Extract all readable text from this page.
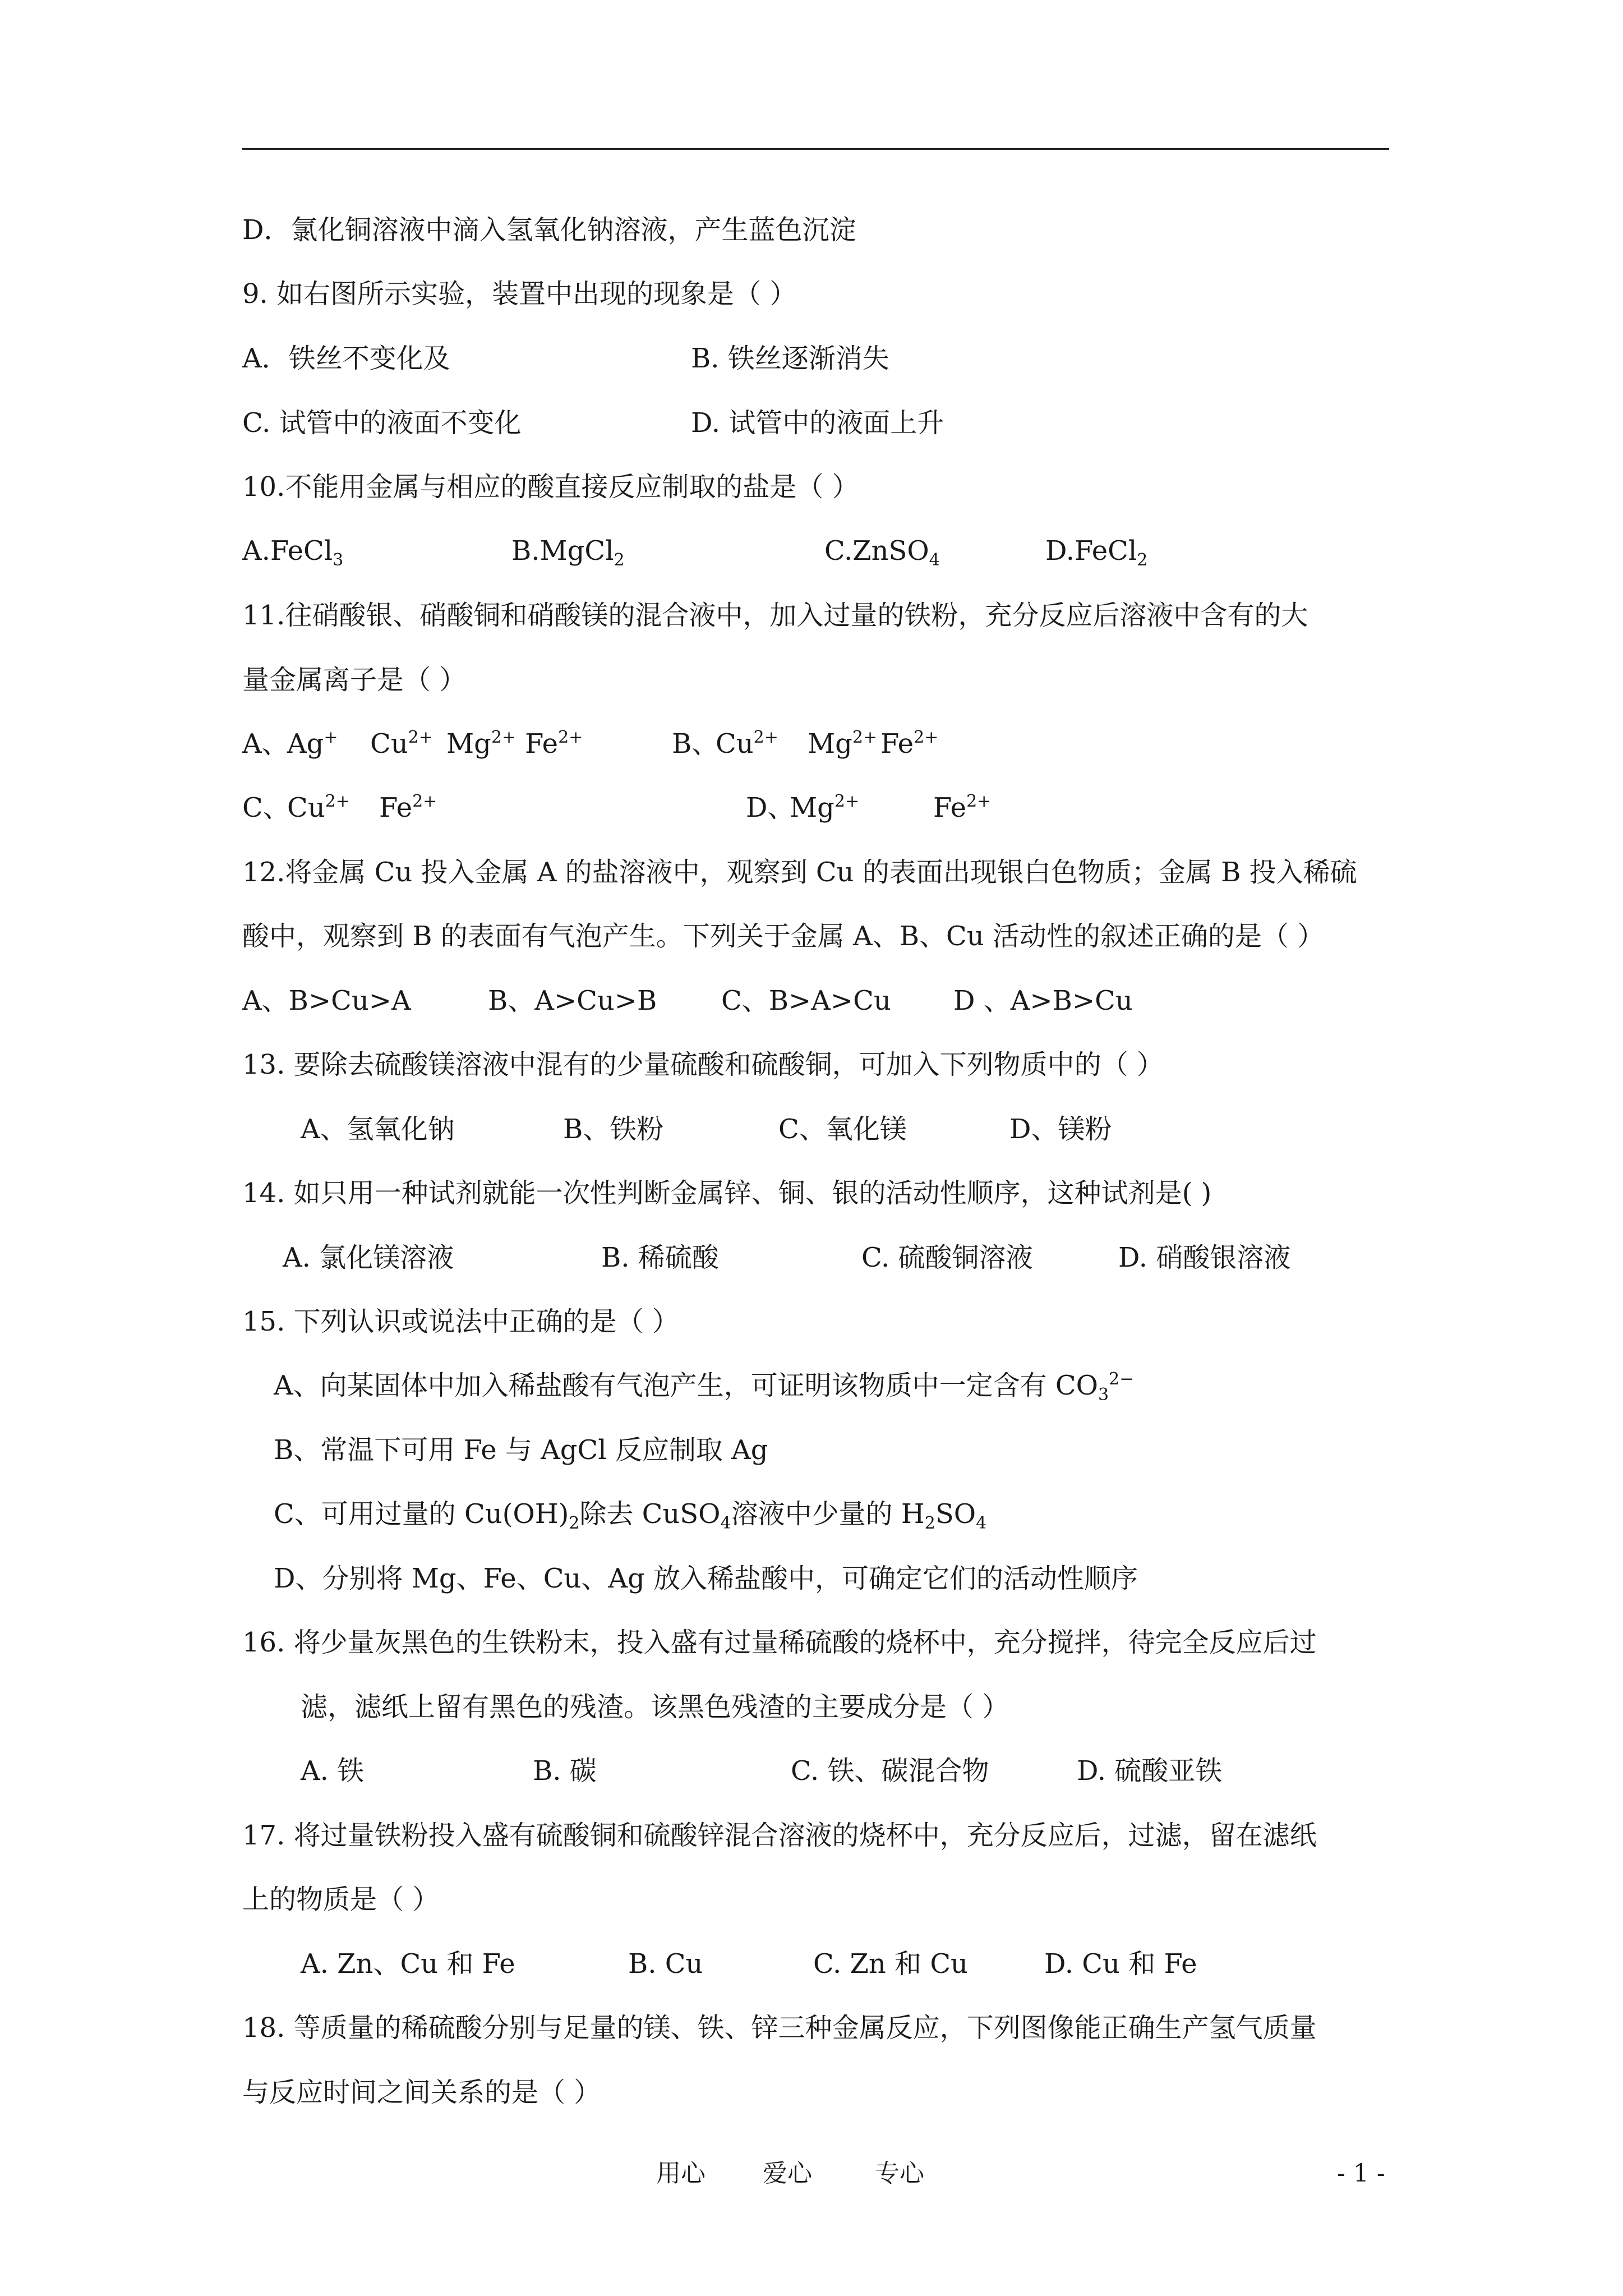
D．氯化铜溶液中滴入氢氧化钠溶液，产生蓝色沉淀
9. 如右图所示实验，装置中出现的现象是（ ）
A．铁丝不变化及	B. 铁丝逐渐消失
C. 试管中的液面不变化	D. 试管中的液面上升
10.不能用金属与相应的酸直接反应制取的盐是（ ）
A.FeCl$_3$	B.MgCl$_2$	C.ZnSO$_4$	D.FeCl$_2$
11.往硝酸银、硝酸铜和硝酸镁的混合液中，加入过量的铁粉，充分反应后溶液中含有的大
量金属离子是（ ）
A、
Ag+ $Cu^{2+}$ $Mg^{2+}$ $Fe^{2+}$	B、
$Cu^{2+}$ $Mg^{2+}$ $Fe^{2+}$
C、
$Cu^{2+}$ $Fe^{2+}$	D、
$Mg^{2+}$	$Fe^{2+}$
12.将金属 Cu 投入金属 A 的盐溶液中，观察到 Cu 的表面出现银白色物质；金属 B 投入稀硫
酸中，观察到 B 的表面有气泡产生。下列关于金属 A、B、Cu 活动性的叙述正确的是（ ）
A、B>Cu>A	B、A>Cu>B C、B>A>Cu D 、A>B>Cu
13. 要除去硫酸镁溶液中混有的少量硫酸和硫酸铜，可加入下列物质中的（ ）
A、氢氧化钠	B、铁粉	C、氧化镁	D、镁粉
14. 如只用一种试剂就能一次性判断金属锌、铜、银的活动性顺序，这种试剂是( )
A. 氯化镁溶液	B. 稀硫酸	C. 硫酸铜溶液	D. 硝酸银溶液
15. 下列认识或说法中正确的是（ ）
A、向某固体中加入稀盐酸有气泡产生，可证明该物质中一定含有 $CO_3^{2-}$
B、常温下可用 Fe 与 AgCl 反应制取 Ag
C、可用过量的 $Cu(OH)_2$除去 CuSO$_4$溶液中少量的 $H_2SO_4$
D、分别将 Mg、Fe、Cu、Ag 放入稀盐酸中，可确定它们的活动性顺序
16. 将少量灰黑色的生铁粉末，投入盛有过量稀硫酸的烧杯中，充分搅拌，待完全反应后过
滤，滤纸上留有黑色的残渣。该黑色残渣的主要成分是（ ）
A. 铁	B. 碳	C. 铁、碳混合物	D. 硫酸亚铁
17. 将过量铁粉投入盛有硫酸铜和硫酸锌混合溶液的烧杯中，充分反应后，过滤，留在滤纸
上的物质是（ ）
A. Zn、Cu 和 Fe	B. Cu	C. Zn 和 Cu	D. Cu 和 Fe
18. 等质量的稀硫酸分别与足量的镁、铁、锌三种金属反应，下列图像能正确生产氢气质量
与反应时间之间关系的是（ ）
用心 爱心	专心	- 1 -
